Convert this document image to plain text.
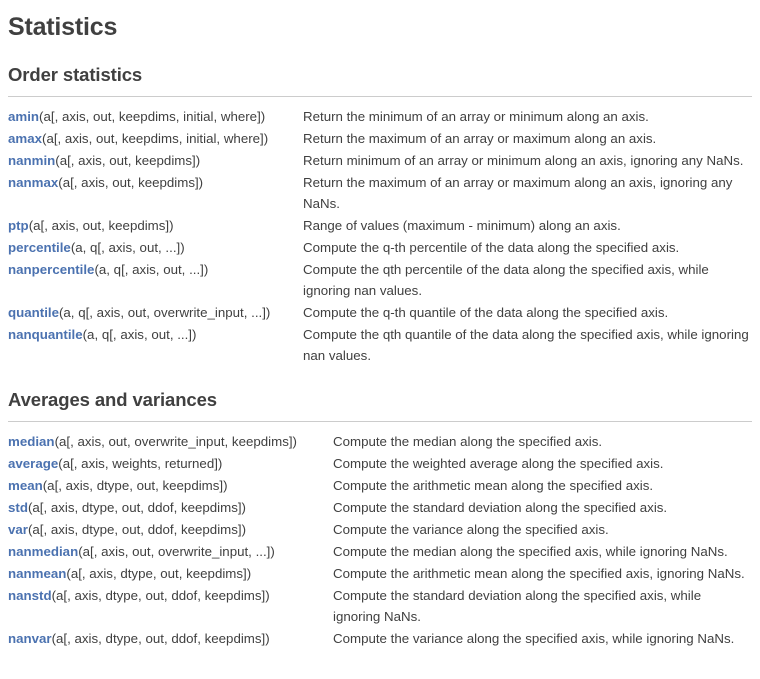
Statistics
Order statistics
amin(a[, axis, out, keepdims, initial, where])	Return the minimum of an array or minimum along an axis.
amax(a[, axis, out, keepdims, initial, where])	Return the maximum of an array or maximum along an axis.
nanmin(a[, axis, out, keepdims])	Return minimum of an array or minimum along an axis, ignoring any NaNs.
nanmax(a[, axis, out, keepdims])	Return the maximum of an array or maximum along an axis, ignoring any NaNs.
ptp(a[, axis, out, keepdims])	Range of values (maximum - minimum) along an axis.
percentile(a, q[, axis, out, ...])	Compute the q-th percentile of the data along the specified axis.
nanpercentile(a, q[, axis, out, ...])	Compute the qth percentile of the data along the specified axis, while ignoring nan values.
quantile(a, q[, axis, out, overwrite_input, ...])	Compute the q-th quantile of the data along the specified axis.
nanquantile(a, q[, axis, out, ...])	Compute the qth quantile of the data along the specified axis, while ignoring nan values.
Averages and variances
median(a[, axis, out, overwrite_input, keepdims])	Compute the median along the specified axis.
average(a[, axis, weights, returned])	Compute the weighted average along the specified axis.
mean(a[, axis, dtype, out, keepdims])	Compute the arithmetic mean along the specified axis.
std(a[, axis, dtype, out, ddof, keepdims])	Compute the standard deviation along the specified axis.
var(a[, axis, dtype, out, ddof, keepdims])	Compute the variance along the specified axis.
nanmedian(a[, axis, out, overwrite_input, ...])	Compute the median along the specified axis, while ignoring NaNs.
nanmean(a[, axis, dtype, out, keepdims])	Compute the arithmetic mean along the specified axis, ignoring NaNs.
nanstd(a[, axis, dtype, out, ddof, keepdims])	Compute the standard deviation along the specified axis, while ignoring NaNs.
nanvar(a[, axis, dtype, out, ddof, keepdims])	Compute the variance along the specified axis, while ignoring NaNs.
